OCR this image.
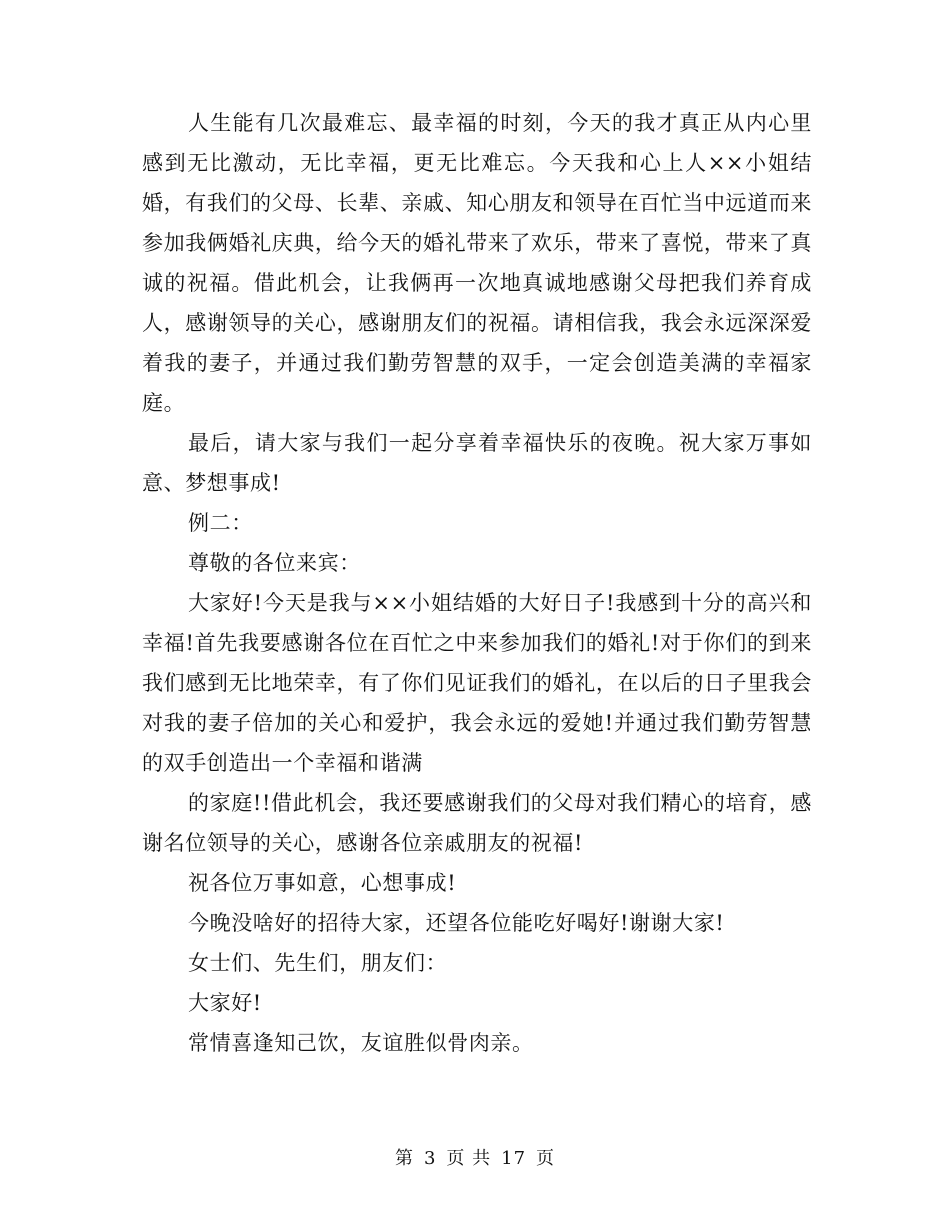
人生能有几次最难忘、最幸福的时刻，今天的我才真正从内心里感到无比激动，无比幸福，更无比难忘。今天我和心上人××小姐结婚，有我们的父母、长辈、亲戚、知心朋友和领导在百忙当中远道而来参加我俩婚礼庆典，给今天的婚礼带来了欢乐，带来了喜悦，带来了真诚的祝福。借此机会，让我俩再一次地真诚地感谢父母把我们养育成人，感谢领导的关心，感谢朋友们的祝福。请相信我，我会永远深深爱着我的妻子，并通过我们勤劳智慧的双手，一定会创造美满的幸福家庭。

最后，请大家与我们一起分享着幸福快乐的夜晚。祝大家万事如意、梦想事成!

例二：

尊敬的各位来宾：

大家好!今天是我与××小姐结婚的大好日子!我感到十分的高兴和幸福!首先我要感谢各位在百忙之中来参加我们的婚礼!对于你们的到来我们感到无比地荣幸，有了你们见证我们的婚礼，在以后的日子里我会对我的妻子倍加的关心和爱护，我会永远的爱她!并通过我们勤劳智慧的双手创造出一个幸福和谐满

的家庭!!借此机会，我还要感谢我们的父母对我们精心的培育，感谢名位领导的关心，感谢各位亲戚朋友的祝福!

祝各位万事如意，心想事成!

今晚没啥好的招待大家，还望各位能吃好喝好!谢谢大家!

女士们、先生们，朋友们：

大家好!

常情喜逢知己饮，友谊胜似骨肉亲。

第 3 页 共 17 页
